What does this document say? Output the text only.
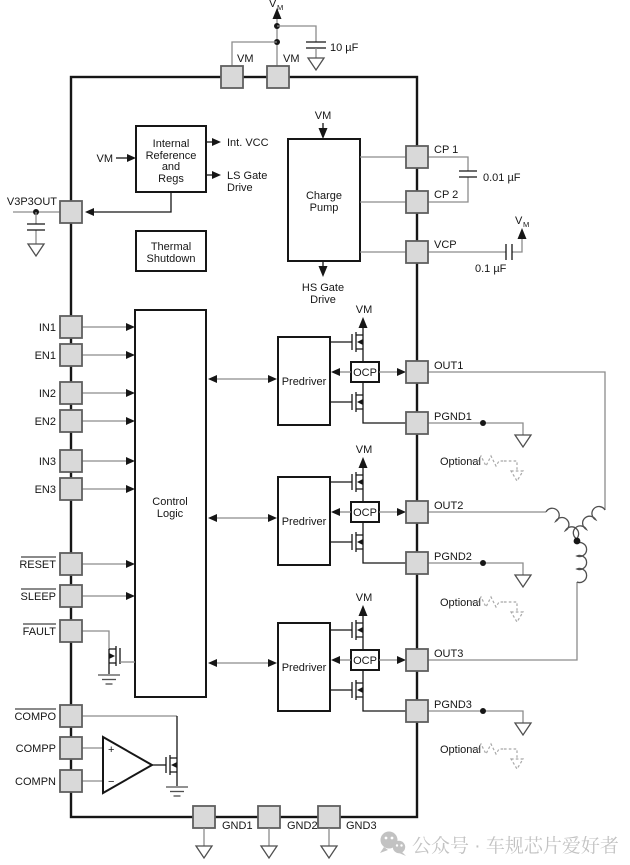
V M
10 µF
VM	VM
Internal
Reference
and
Regs
VM
Int. VCC
LS Gate
Drive
Thermal
Shutdown
VM
Charge
Pump
HS Gate
Drive
0.01 µF
V M
0.1 µF
Control
Logic
Predriver
VM
OCP
Predriver
VM
OCP
Predriver
VM
OCP
+
−
Optional
Optional
Optional
V3P3OUT
IN1
EN1
IN2
EN2
IN3
EN3
RESET
SLEEP
FAULT
COMPO
COMPP
COMPN
CP 1
CP 2
VCP
OUT1
PGND1
OUT2
PGND2
OUT3
PGND3
GND1	GND2	GND3
公众号 · 车规芯片爱好者
